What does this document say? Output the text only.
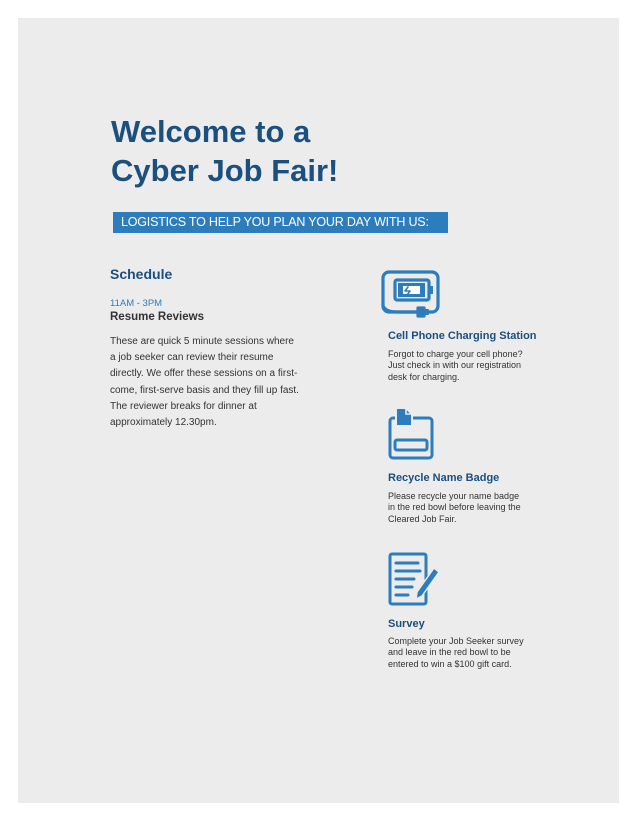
Welcome to a
Cyber Job Fair!
LOGISTICS TO HELP YOU PLAN YOUR DAY WITH US:
Schedule
11AM - 3PM
Resume Reviews

These are quick 5 minute sessions where
a job seeker can review their resume
directly. We offer these sessions on a first-
come, first-serve basis and they fill up fast.
The reviewer breaks for dinner at
approximately 12.30pm.

Cell Phone Charging Station

Forgot to charge your cell phone?
Just check in with our registration
desk for charging.

Recycle Name Badge

Please recycle your name badge
in the red bowl before leaving the
Cleared Job Fair.

Survey

Complete your Job Seeker survey
and leave in the red bowl to be
entered to win a $100 gift card.
